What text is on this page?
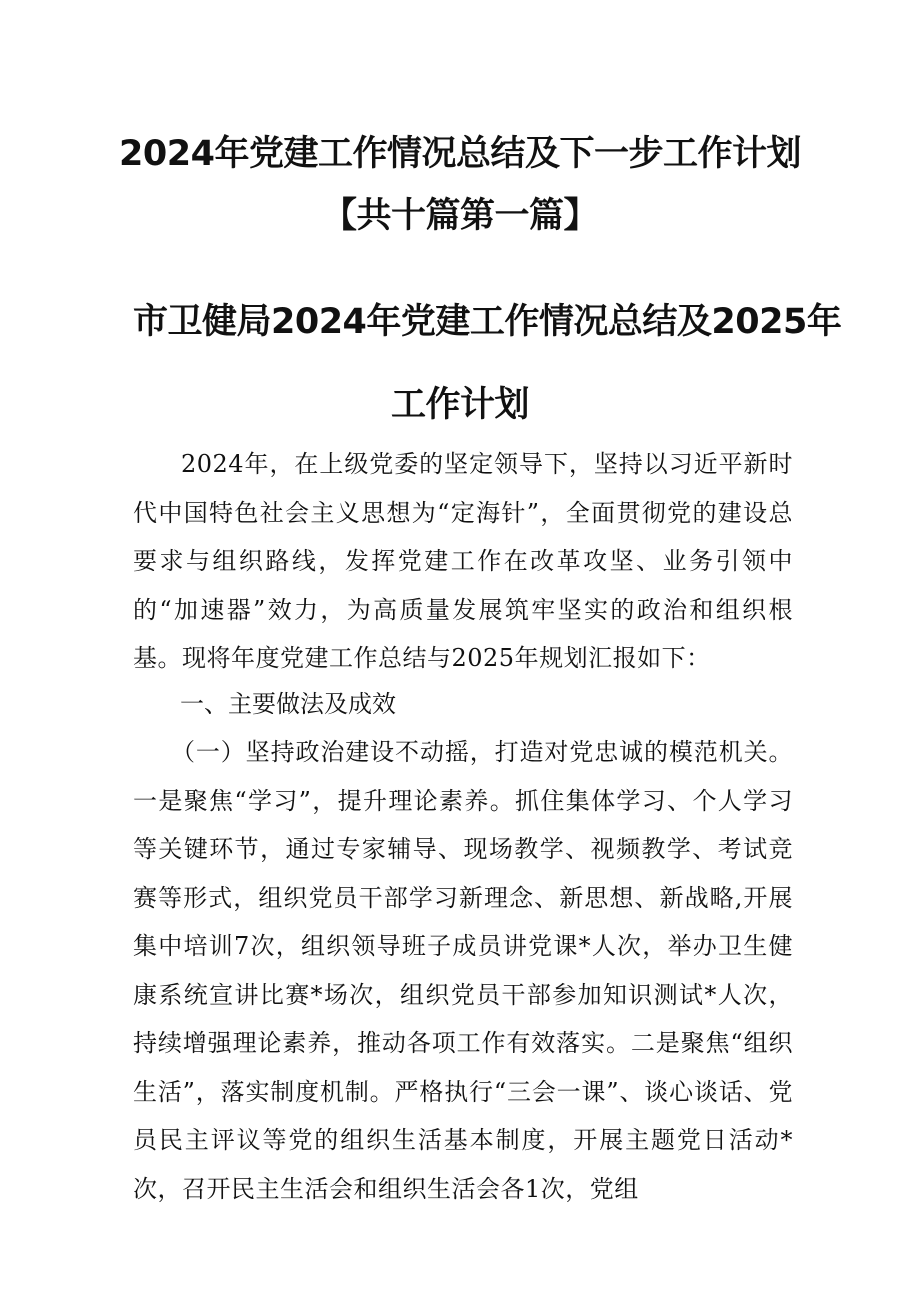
2024年党建工作情况总结及下一步工作计划
【共十篇第一篇】
市卫健局2024年党建工作情况总结及2025年
工作计划

2024年，在上级党委的坚定领导下，坚持以习近平新时代中国特色社会主义思想为“定海针”，全面贯彻党的建设总要求与组织路线，发挥党建工作在改革攻坚、业务引领中的“加速器”效力，为高质量发展筑牢坚实的政治和组织根基。现将年度党建工作总结与2025年规划汇报如下：

一、主要做法及成效

（一）坚持政治建设不动摇，打造对党忠诚的模范机关。一是聚焦“学习”，提升理论素养。抓住集体学习、个人学习等关键环节，通过专家辅导、现场教学、视频教学、考试竞赛等形式，组织党员干部学习新理念、新思想、新战略,开展集中培训7次，组织领导班子成员讲党课*人次，举办卫生健康系统宣讲比赛*场次，组织党员干部参加知识测试*人次，持续增强理论素养，推动各项工作有效落实。二是聚焦“组织生活”，落实制度机制。严格执行“三会一课”、谈心谈话、党员民主评议等党的组织生活基本制度，开展主题党日活动*次，召开民主生活会和组织生活会各1次，党组
